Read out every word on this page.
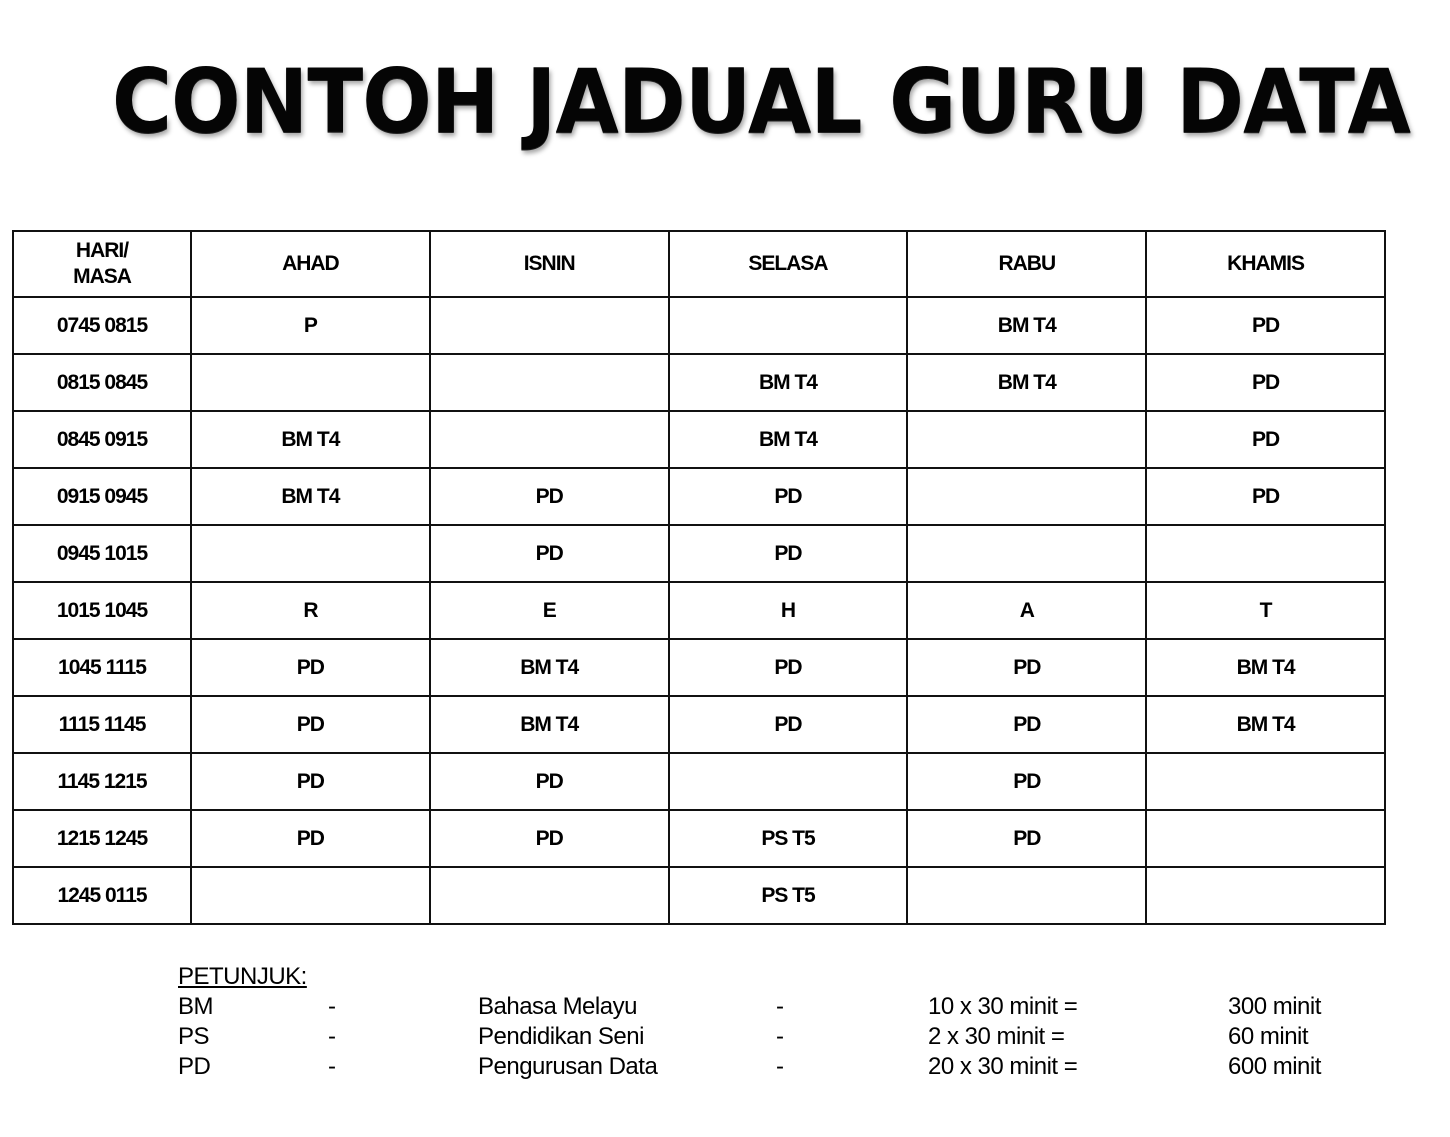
CONTOH JADUAL GURU DATA
HARI/
MASA	AHAD	ISNIN	SELASA	RABU	KHAMIS
0745 0815	P			BM T4	PD
0815 0845			BM T4	BM T4	PD
0845 0915	BM T4		BM T4		PD
0915 0945	BM T4	PD	PD		PD
0945 1015		PD	PD		
1015 1045	R	E	H	A	T
1045 1115	PD	BM T4	PD	PD	BM T4
1115 1145	PD	BM T4	PD	PD	BM T4
1145 1215	PD	PD		PD	
1215 1245	PD	PD	PS T5	PD	
1245 0115			PS T5		
PETUNJUK:
BM	-	Bahasa Melayu	-	10 x 30 minit =	300 minit
PS	-	Pendidikan Seni	-	2 x 30 minit =	60 minit
PD	-	Pengurusan Data	-	20 x 30 minit =	600 minit
